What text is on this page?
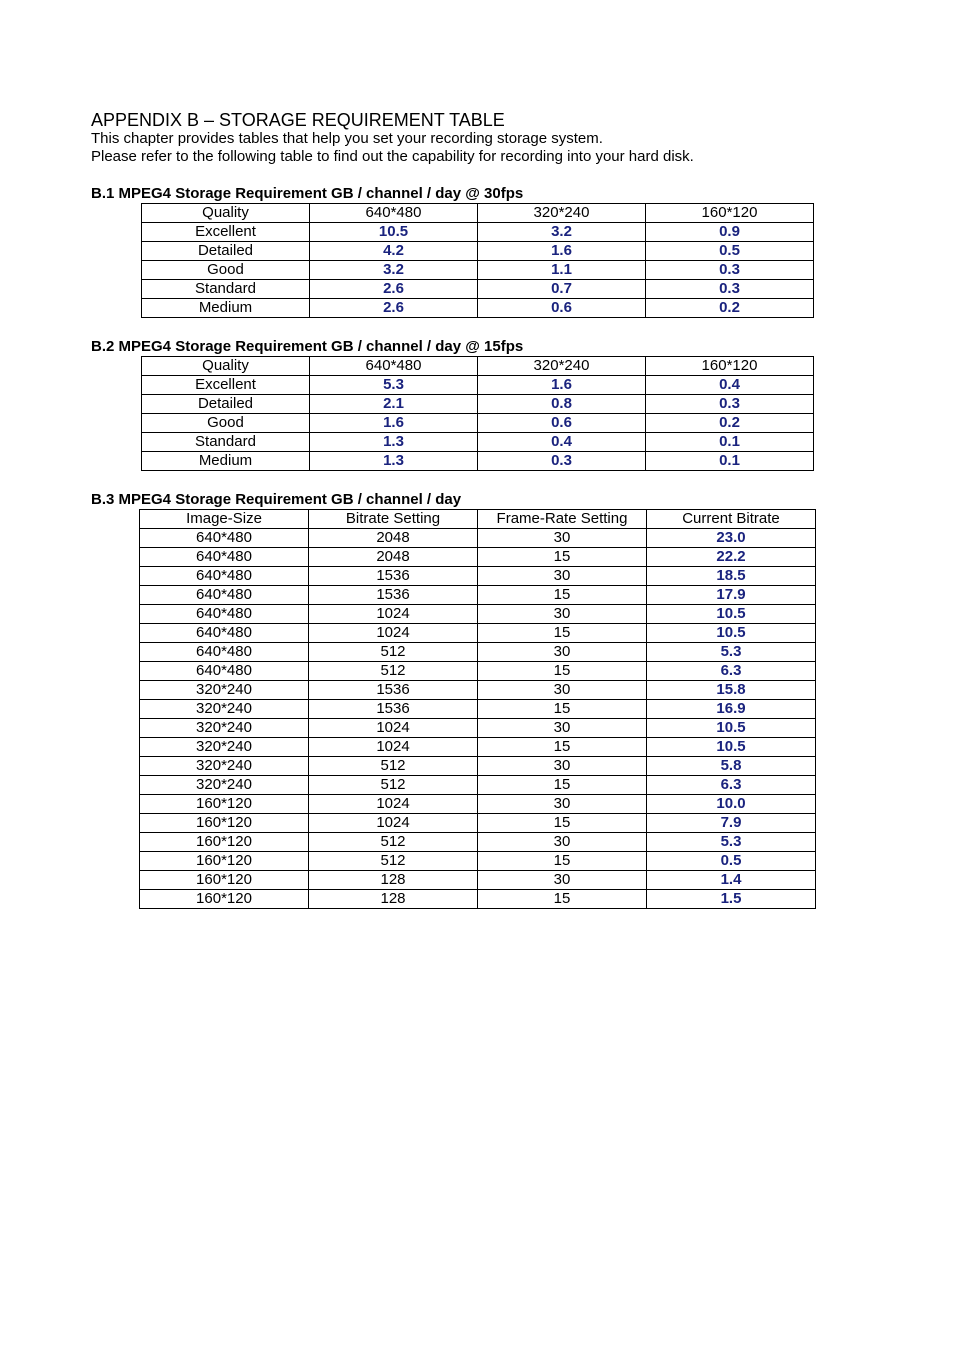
APPENDIX B – STORAGE REQUIREMENT TABLE

This chapter provides tables that help you set your recording storage system.

Please refer to the following table to find out the capability for recording into your hard disk.

B.1 MPEG4 Storage Requirement GB / channel / day @ 30fps

Quality	640*480	320*240	160*120
Excellent	10.5	3.2	0.9
Detailed	4.2	1.6	0.5
Good	3.2	1.1	0.3
Standard	2.6	0.7	0.3
Medium	2.6	0.6	0.2

B.2 MPEG4 Storage Requirement GB / channel / day @ 15fps

Quality	640*480	320*240	160*120
Excellent	5.3	1.6	0.4
Detailed	2.1	0.8	0.3
Good	1.6	0.6	0.2
Standard	1.3	0.4	0.1
Medium	1.3	0.3	0.1

B.3 MPEG4 Storage Requirement GB / channel / day

Image-Size	Bitrate Setting	Frame-Rate Setting	Current Bitrate
640*480	2048	30	23.0
640*480	2048	15	22.2
640*480	1536	30	18.5
640*480	1536	15	17.9
640*480	1024	30	10.5
640*480	1024	15	10.5
640*480	512	30	5.3
640*480	512	15	6.3
320*240	1536	30	15.8
320*240	1536	15	16.9
320*240	1024	30	10.5
320*240	1024	15	10.5
320*240	512	30	5.8
320*240	512	15	6.3
160*120	1024	30	10.0
160*120	1024	15	7.9
160*120	512	30	5.3
160*120	512	15	0.5
160*120	128	30	1.4
160*120	128	15	1.5
